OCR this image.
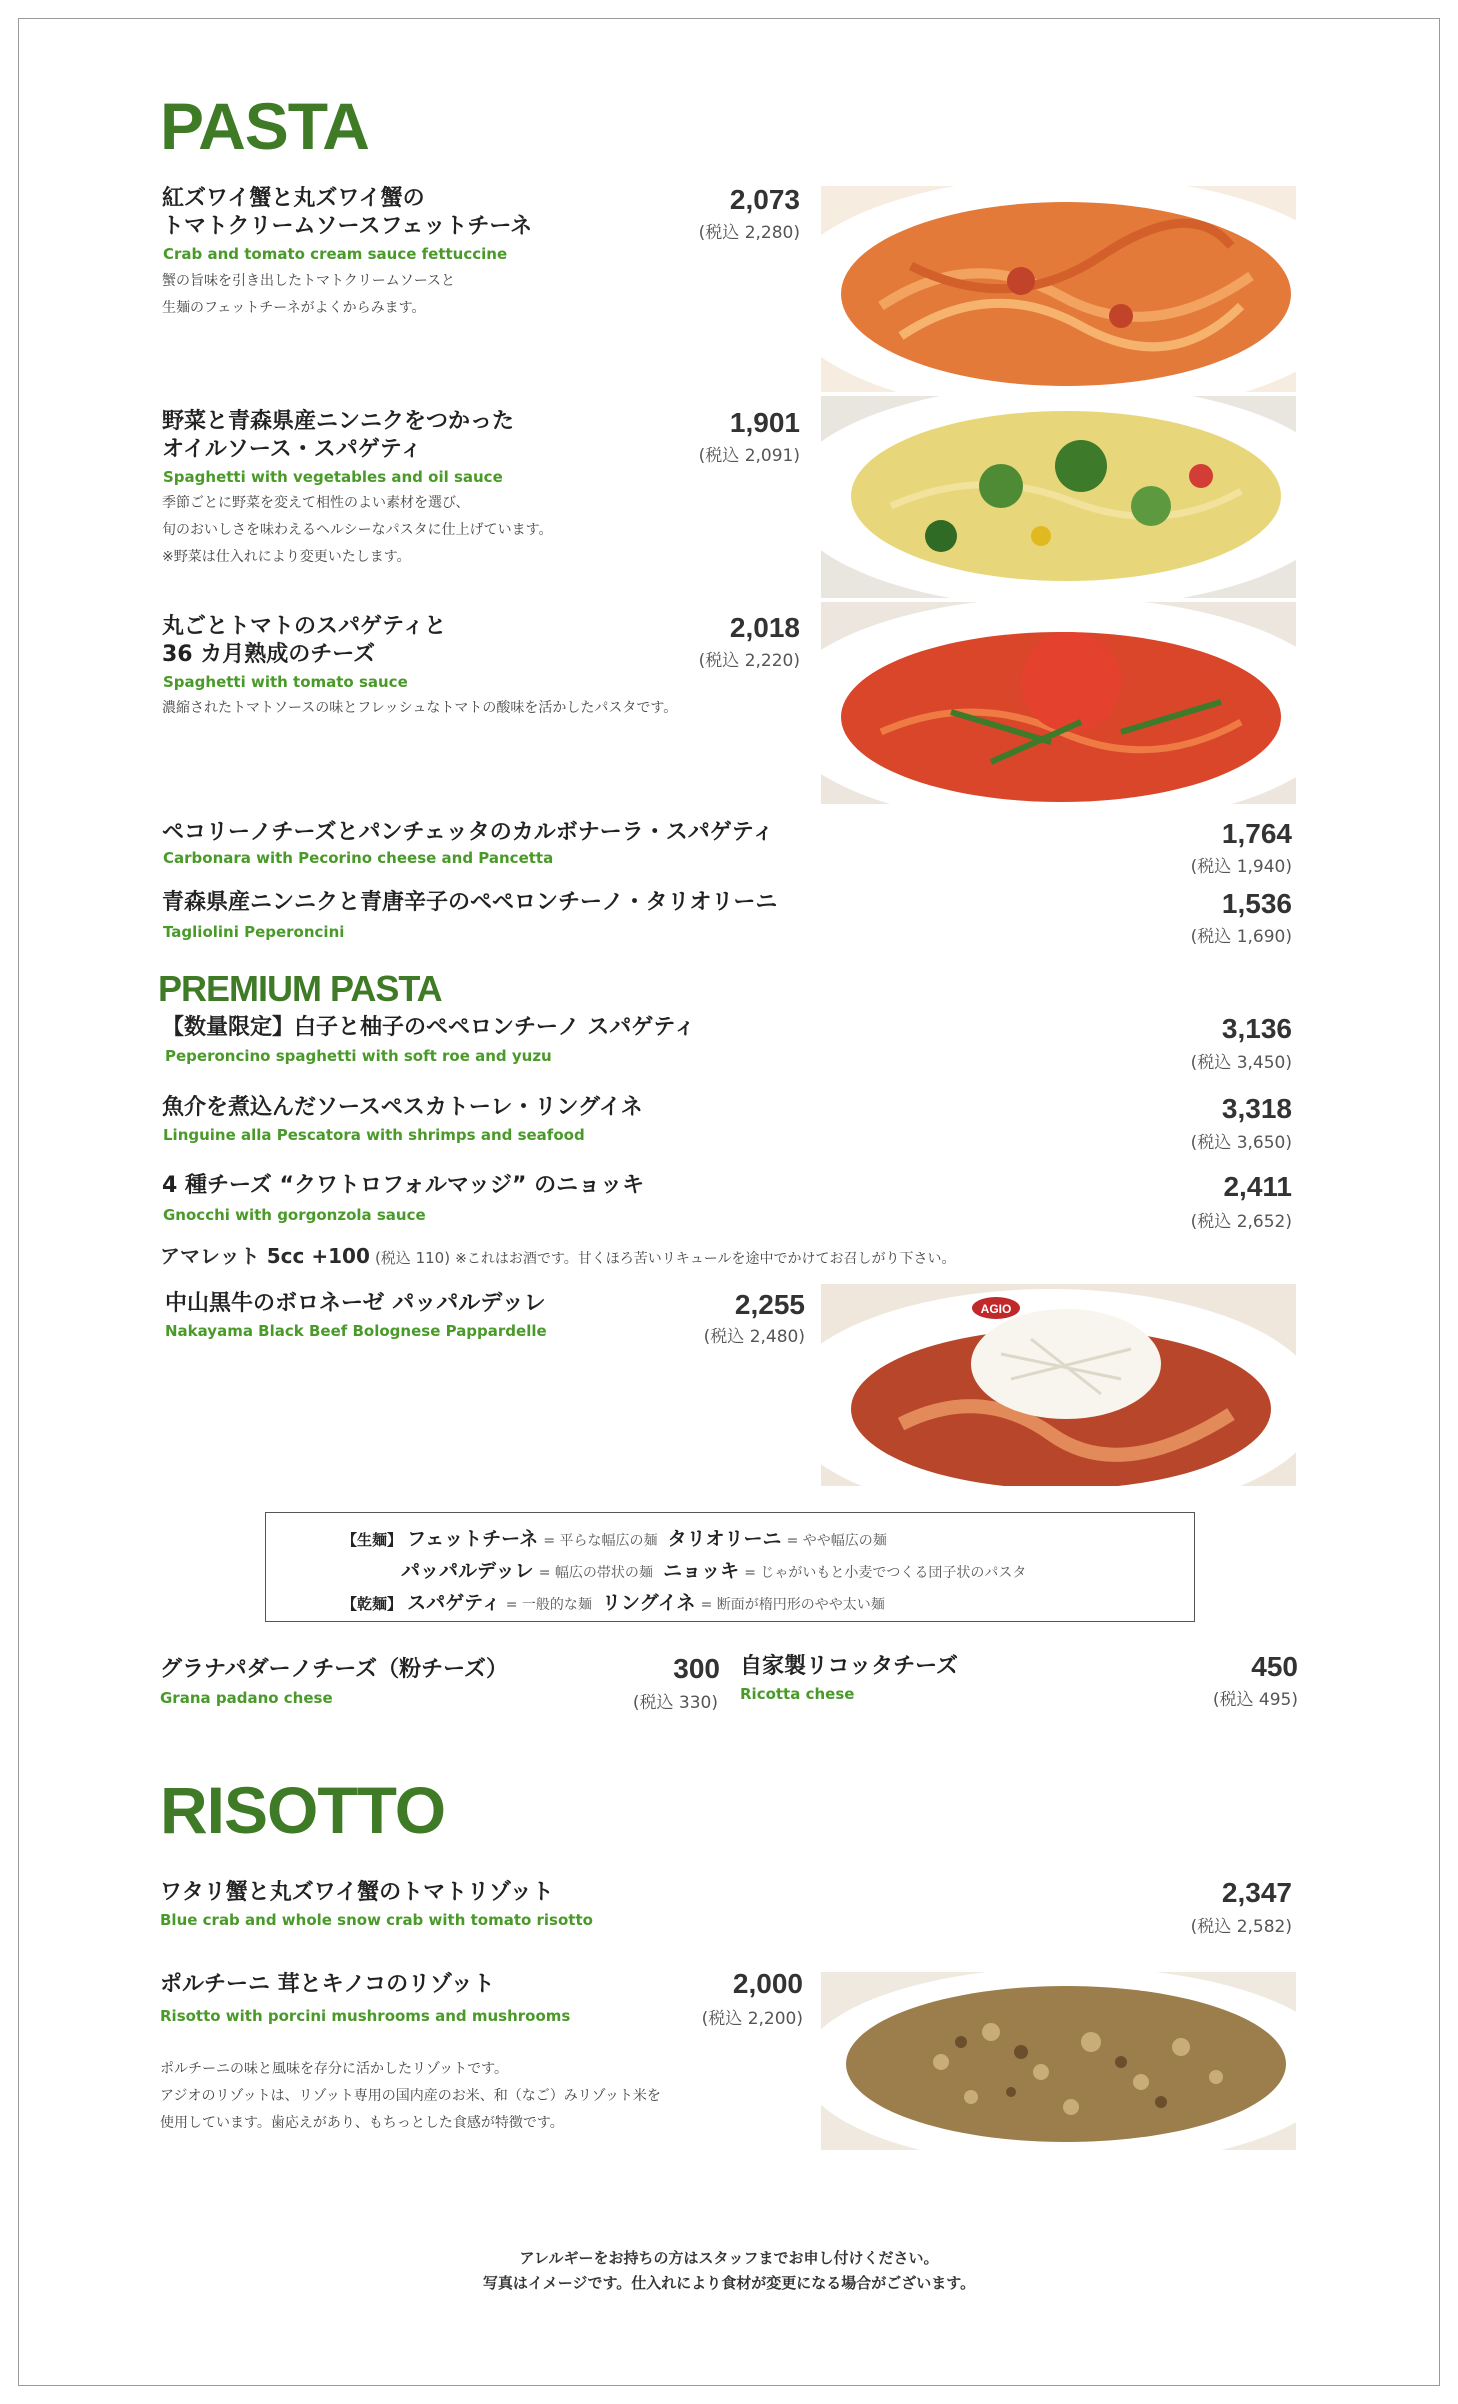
PASTA
紅ズワイ蟹と丸ズワイ蟹の
トマトクリームソースフェットチーネ
Crab and tomato cream sauce fettuccine
蟹の旨味を引き出したトマトクリームソースと
生麺のフェットチーネがよくからみます。
2,073
(税込 2,280)
野菜と青森県産ニンニクをつかった
オイルソース・スパゲティ
Spaghetti with vegetables and oil sauce
季節ごとに野菜を変えて相性のよい素材を選び、
旬のおいしさを味わえるヘルシーなパスタに仕上げています。
※野菜は仕入れにより変更いたします。
1,901
(税込 2,091)
丸ごとトマトのスパゲティと
36 カ月熟成のチーズ
Spaghetti with tomato sauce
濃縮されたトマトソースの味とフレッシュなトマトの酸味を活かしたパスタです。
2,018
(税込 2,220)
ペコリーノチーズとパンチェッタのカルボナーラ・スパゲティ
Carbonara with Pecorino cheese and Pancetta
1,764
(税込 1,940)
青森県産ニンニクと青唐辛子のペペロンチーノ・タリオリーニ
Tagliolini Peperoncini
1,536
(税込 1,690)
PREMIUM PASTA
【数量限定】白子と柚子のペペロンチーノ スパゲティ
Peperoncino spaghetti with soft roe and yuzu
3,136
(税込 3,450)
魚介を煮込んだソースペスカトーレ・リングイネ
Linguine alla Pescatora with shrimps and seafood
3,318
(税込 3,650)
4 種チーズ “クワトロフォルマッジ” のニョッキ
Gnocchi with gorgonzola sauce
2,411
(税込 2,652)
アマレット 5cc +100 (税込 110) ※これはお酒です。甘くほろ苦いリキュールを途中でかけてお召しがり下さい。
中山黒牛のボロネーゼ パッパルデッレ
Nakayama Black Beef Bolognese Pappardelle
2,255
(税込 2,480)
AGIO
【生麺】 フェットチーネ = 平らな幅広の麺 タリオリーニ = やや幅広の麺
パッパルデッレ = 幅広の帯状の麺 ニョッキ = じゃがいもと小麦でつくる団子状のパスタ
【乾麺】 スパゲティ = 一般的な麺 リングイネ = 断面が楕円形のやや太い麺
グラナパダーノチーズ（粉チーズ）
Grana padano chese
300
(税込 330)
自家製リコッタチーズ
Ricotta chese
450
(税込 495)
RISOTTO
ワタリ蟹と丸ズワイ蟹のトマトリゾット
Blue crab and whole snow crab with tomato risotto
2,347
(税込 2,582)
ポルチーニ 茸とキノコのリゾット
Risotto with porcini mushrooms and mushrooms
ポルチーニの味と風味を存分に活かしたリゾットです。
アジオのリゾットは、リゾット専用の国内産のお米、和（なご）みリゾット米を
使用しています。歯応えがあり、もちっとした食感が特徴です。
2,000
(税込 2,200)
アレルギーをお持ちの方はスタッフまでお申し付けください。
写真はイメージです。仕入れにより食材が変更になる場合がございます。
